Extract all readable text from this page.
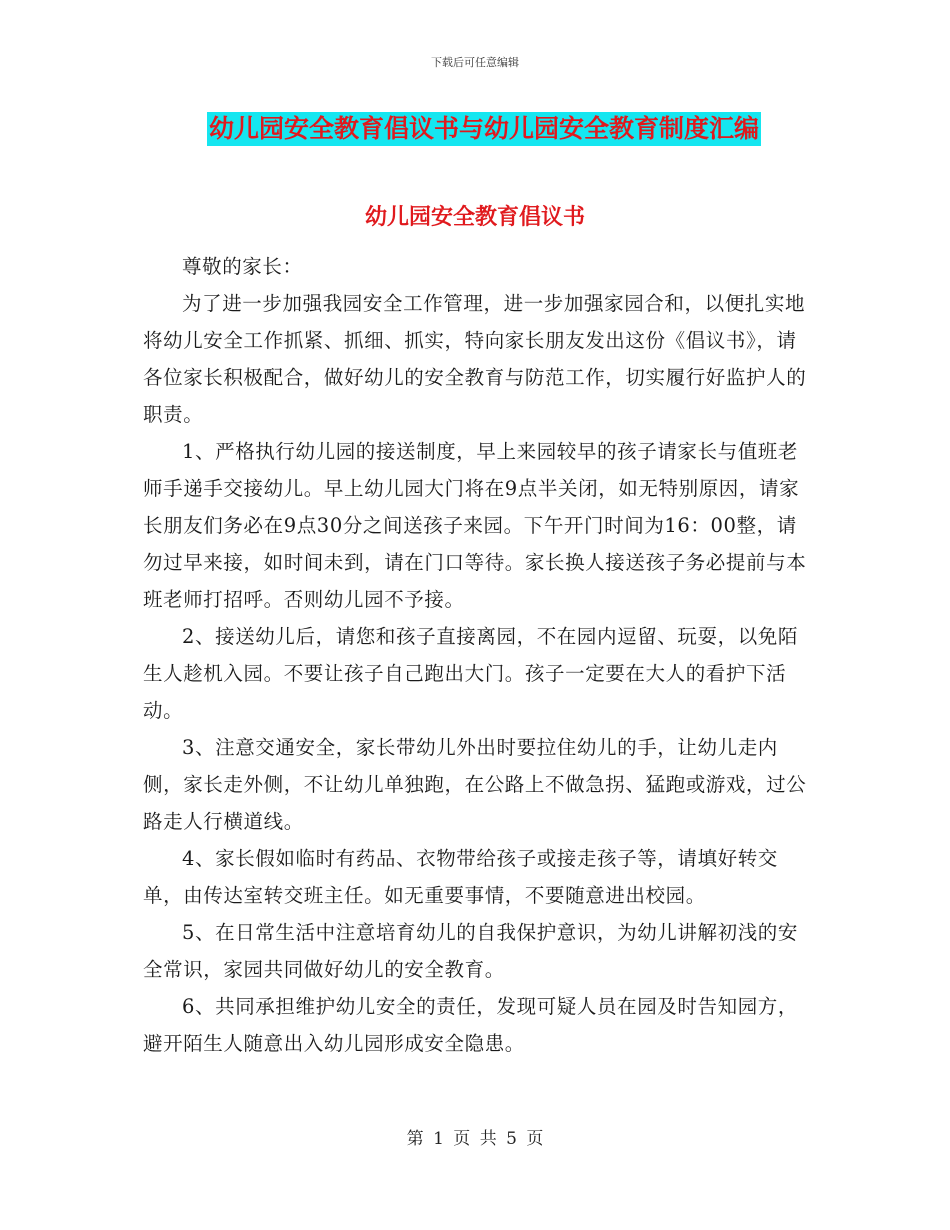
下载后可任意编辑
幼儿园安全教育倡议书与幼儿园安全教育制度汇编
幼儿园安全教育倡议书

尊敬的家长：

为了进一步加强我园安全工作管理，进一步加强家园合和，以便扎实地将幼儿安全工作抓紧、抓细、抓实，特向家长朋友发出这份《倡议书》，请各位家长积极配合，做好幼儿的安全教育与防范工作，切实履行好监护人的职责。

1、严格执行幼儿园的接送制度，早上来园较早的孩子请家长与值班老师手递手交接幼儿。早上幼儿园大门将在9点半关闭，如无特别原因，请家长朋友们务必在9点30分之间送孩子来园。下午开门时间为16：00整，请勿过早来接，如时间未到，请在门口等待。家长换人接送孩子务必提前与本班老师打招呼。否则幼儿园不予接。

2、接送幼儿后，请您和孩子直接离园，不在园内逗留、玩耍，以免陌生人趁机入园。不要让孩子自己跑出大门。孩子一定要在大人的看护下活动。

3、注意交通安全，家长带幼儿外出时要拉住幼儿的手，让幼儿走内侧，家长走外侧，不让幼儿单独跑，在公路上不做急拐、猛跑或游戏，过公路走人行横道线。

4、家长假如临时有药品、衣物带给孩子或接走孩子等，请填好转交单，由传达室转交班主任。如无重要事情，不要随意进出校园。

5、在日常生活中注意培育幼儿的自我保护意识，为幼儿讲解初浅的安全常识，家园共同做好幼儿的安全教育。

6、共同承担维护幼儿安全的责任，发现可疑人员在园及时告知园方，避开陌生人随意出入幼儿园形成安全隐患。

第 1 页 共 5 页
